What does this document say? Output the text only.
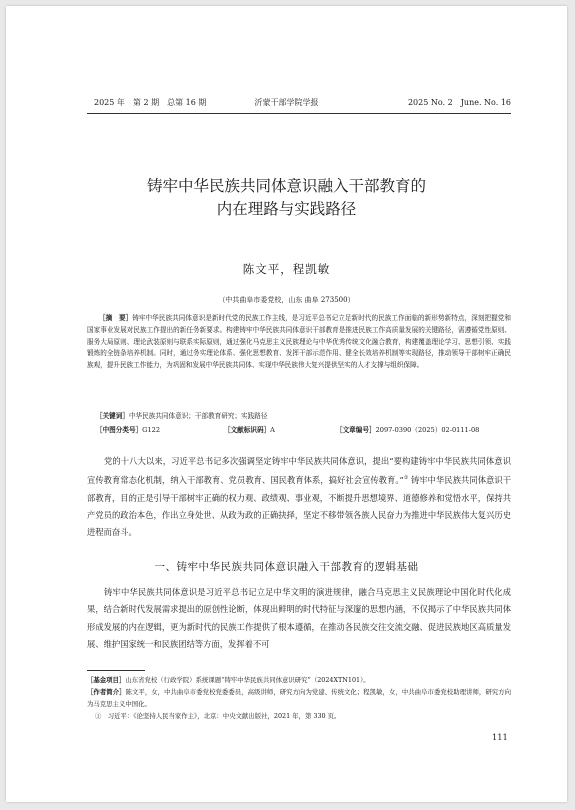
2025 年　第 2 期　总第 16 期	沂蒙干部学院学报	2025 No. 2　June. No. 16
铸牢中华民族共同体意识融入干部教育的
内在理路与实践路径
陈文平，程凯敏
（中共曲阜市委党校，山东 曲阜 273500）

［摘　要］铸牢中华民族共同体意识是新时代党的民族工作主线，是习近平总书记立足新时代的民族工作面临的新形势新特点，深刻把握党和国家事业发展对民族工作提出的新任务新要求。构建铸牢中华民族共同体意识干部教育是推进民族工作高质量发展的关键路径，需遵循党性原则、服务大局原则、理论武装原则与联系实际原则，通过强化马克思主义民族理论与中华优秀传统文化融合教育，构建覆盖理论学习、思想引领、实践锻炼的全链条培养机制。同时，通过务实理论体系、强化思想教育、发挥干部示范作用、健全长效培养机制等实现路径，推动领导干部树牢正确民族观，提升民族工作能力，为巩固和发展中华民族共同体、实现中华民族伟大复兴提供坚实的人才支撑与组织保障。

［关键词］中华民族共同体意识；干部教育研究；实践路径
［中图分类号］G122	［文献标识码］A	［文章编号］2097-0390（2025）02-0111-08

党的十八大以来，习近平总书记多次强调坚定铸牢中华民族共同体意识，提出“要构建铸牢中华民族共同体意识宣传教育常态化机制，纳入干部教育、党员教育、国民教育体系，搞好社会宣传教育。”① 铸牢中华民族共同体意识干部教育，目的正是引导干部树牢正确的权力观、政绩观、事业观，不断提升思想境界、道德修养和觉悟水平，保持共产党员的政治本色，作出立身处世、从政为政的正确抉择，坚定不移带领各族人民奋力为推进中华民族伟大复兴历史进程而奋斗。

一、铸牢中华民族共同体意识融入干部教育的逻辑基础

铸牢中华民族共同体意识是习近平总书记立足中华文明的演进规律，融合马克思主义民族理论中国化时代化成果，结合新时代发展需求提出的原创性论断，体现出鲜明的时代特征与深邃的思想内涵，不仅揭示了中华民族共同体形成发展的内在逻辑，更为新时代的民族工作提供了根本遵循，在推动各民族交往交流交融、促进民族地区高质量发展、维护国家统一和民族团结等方面，发挥着不可

［基金项目］山东省党校（行政学院）系统课题“铸牢中华民族共同体意识研究”（2024XTN101）。

［作者简介］陈文平，女，中共曲阜市委党校党委委员，高级讲师，研究方向为党建、传统文化；程凯敏，女，中共曲阜市委党校助理讲师，研究方向为马克思主义中国化。

①　 习近平：《论坚持人民当家作主》，北京：中央文献出版社，2021 年，第 330 页。

111
